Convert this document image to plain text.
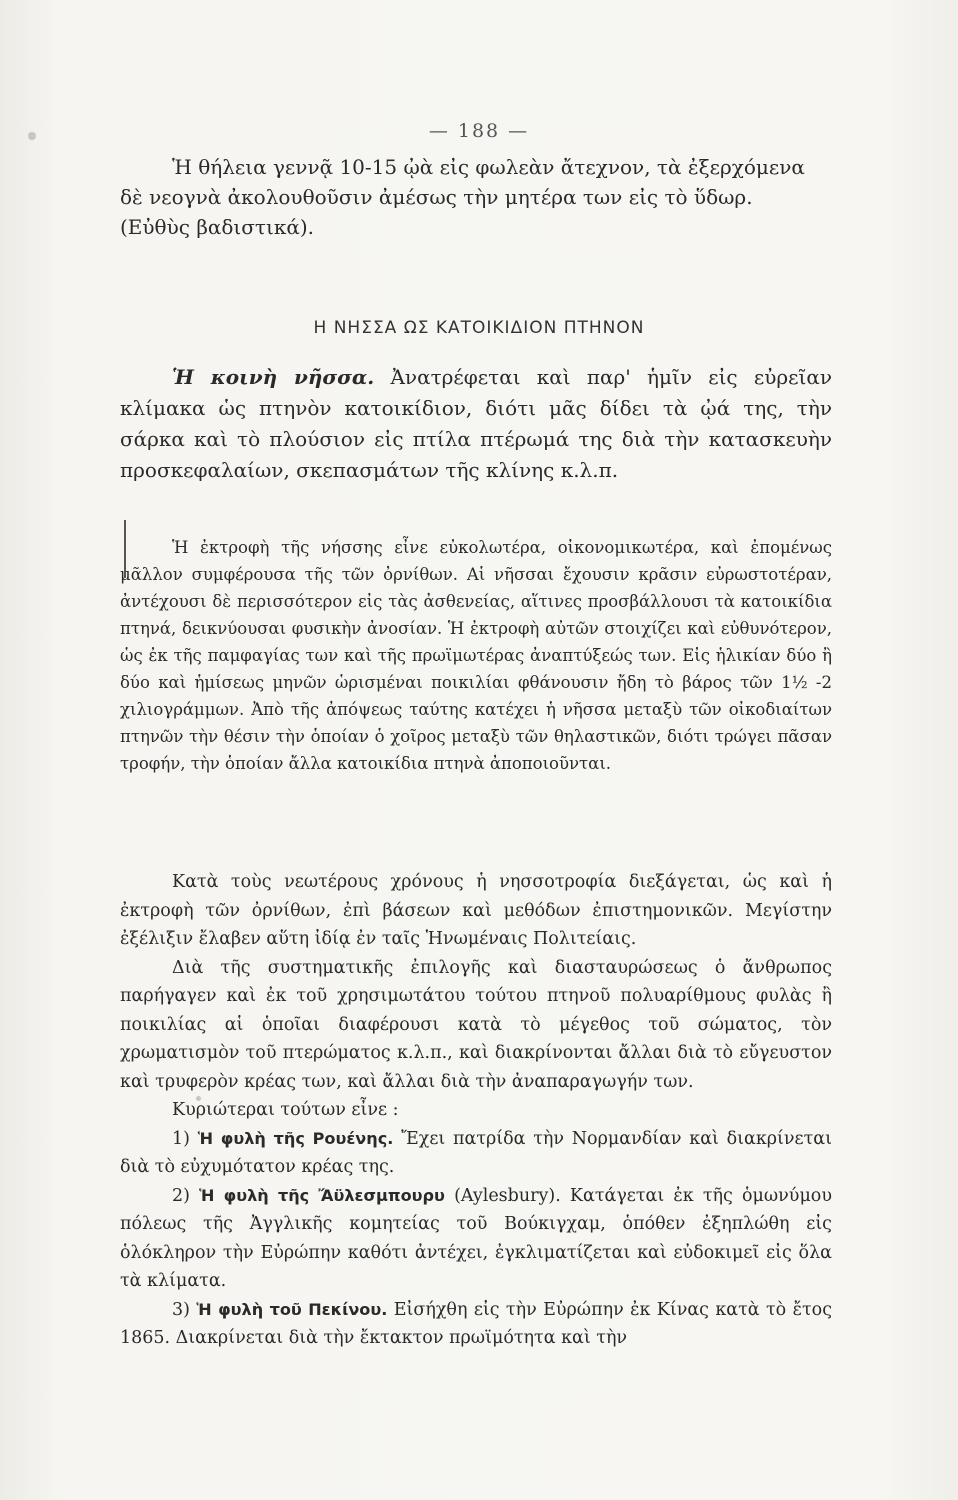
— 188 —

Ἡ θήλεια γεννᾷ 10-15 ᾠὰ εἰς φωλεὰν ἄτεχνον, τὰ ἐξερχόμενα
δὲ νεογνὰ ἀκολουθοῦσιν ἀμέσως τὴν μητέρα των εἰς τὸ ὕδωρ.
(Εὐθὺς βαδιστικά).

Η ΝΗΣΣΑ ΩΣ ΚΑΤΟΙΚΙΔΙΟΝ ΠΤΗΝΟΝ

Ἡ κοινὴ νῆσσα. Ἀνατρέφεται καὶ παρ' ἡμῖν εἰς εὐρεῖαν κλίμακα ὡς πτηνὸν κατοικίδιον, διότι μᾶς δίδει τὰ ᾠά της, τὴν σάρκα καὶ τὸ πλούσιον εἰς πτίλα πτέρωμά της διὰ τὴν κατασκευὴν προσκεφαλαίων, σκεπασμάτων τῆς κλίνης κ.λ.π.

Ἡ ἐκτροφὴ τῆς νήσσης εἶνε εὐκολωτέρα, οἰκονομικωτέρα, καὶ ἐπομένως μᾶλλον συμφέρουσα τῆς τῶν ὀρνίθων. Αἱ νῆσσαι ἔχουσιν κρᾶσιν εὐρωστοτέραν, ἀντέχουσι δὲ περισσότερον εἰς τὰς ἀσθενείας, αἵτινες προσβάλλουσι τὰ κατοικίδια πτηνά, δεικνύουσαι φυσικὴν ἀνοσίαν. Ἡ ἐκτροφὴ αὐτῶν στοιχίζει καὶ εὐθυνότερον, ὡς ἐκ τῆς παμφαγίας των καὶ τῆς πρωϊμωτέρας ἀναπτύξεώς των. Εἰς ἡλικίαν δύο ἢ δύο καὶ ἡμίσεως μηνῶν ὡρισμέναι ποικιλίαι φθάνουσιν ἤδη τὸ βάρος τῶν 1½ -2 χιλιογράμμων. Ἀπὸ τῆς ἀπόψεως ταύτης κατέχει ἡ νῆσσα μεταξὺ τῶν οἰκοδιαίτων πτηνῶν τὴν θέσιν τὴν ὁποίαν ὁ χοῖρος μεταξὺ τῶν θηλαστικῶν, διότι τρώγει πᾶσαν τροφήν, τὴν ὁποίαν ἄλλα κατοικίδια πτηνὰ ἀποποιοῦνται.

Κατὰ τοὺς νεωτέρους χρόνους ἡ νησσοτροφία διεξάγεται, ὡς καὶ ἡ ἐκτροφὴ τῶν ὀρνίθων, ἐπὶ βάσεων καὶ μεθόδων ἐπιστημονικῶν. Μεγίστην ἐξέλιξιν ἔλαβεν αὕτη ἰδίᾳ ἐν ταῖς Ἡνωμέναις Πολιτείαις.

Διὰ τῆς συστηματικῆς ἐπιλογῆς καὶ διασταυρώσεως ὁ ἄνθρωπος παρήγαγεν καὶ ἐκ τοῦ χρησιμωτάτου τούτου πτηνοῦ πολυαρίθμους φυλὰς ἢ ποικιλίας αἱ ὁποῖαι διαφέρουσι κατὰ τὸ μέγεθος τοῦ σώματος, τὸν χρωματισμὸν τοῦ πτερώματος κ.λ.π., καὶ διακρίνονται ἄλλαι διὰ τὸ εὔγευστον καὶ τρυφερὸν κρέας των, καὶ ἄλλαι διὰ τὴν ἀναπαραγωγήν των.

Κυριώτεραι τούτων εἶνε :

1) Ἡ φυλὴ τῆς Ρουένης. Ἔχει πατρίδα τὴν Νορμανδίαν καὶ διακρίνεται διὰ τὸ εὐχυμότατον κρέας της.

2) Ἡ φυλὴ τῆς Ἄϋλεσμπουρυ (Aylesbury). Κατάγεται ἐκ τῆς ὁμωνύμου πόλεως τῆς Ἀγγλικῆς κομητείας τοῦ Βούκιγχαμ, ὁπόθεν ἐξηπλώθη εἰς ὁλόκληρον τὴν Εὐρώπην καθότι ἀντέχει, ἐγκλιματίζεται καὶ εὐδοκιμεῖ εἰς ὅλα τὰ κλίματα.

3) Ἡ φυλὴ τοῦ Πεκίνου. Εἰσήχθη εἰς τὴν Εὐρώπην ἐκ Κίνας κατὰ τὸ ἔτος 1865. Διακρίνεται διὰ τὴν ἔκτακτον πρωϊμότητα καὶ τὴν
